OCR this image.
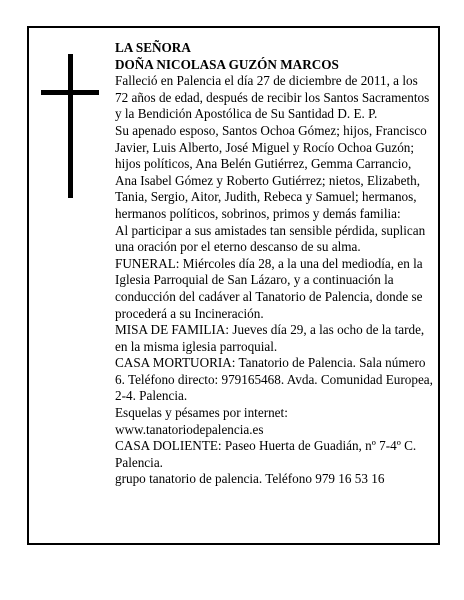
LA SEÑORA

DOÑA NICOLASA GUZÓN MARCOS

Falleció en Palencia el día 27 de diciembre de 2011, a los 72 años de edad, después de recibir los Santos Sacramentos y la Bendición Apostólica de Su Santidad D. E. P.

Su apenado esposo, Santos Ochoa Gómez; hijos, Francisco Javier, Luis Alberto, José Miguel y Rocío Ochoa Guzón; hijos políticos, Ana Belén Gutiérrez, Gemma Carrancio, Ana Isabel Gómez y Roberto Gutiérrez; nietos, Elizabeth, Tania, Sergio, Aitor, Judith, Rebeca y Samuel; hermanos, hermanos políticos, sobrinos, primos y demás familia:

Al participar a sus amistades tan sensible pérdida, suplican una oración por el eterno descanso de su alma.

FUNERAL: Miércoles día 28, a la una del mediodía, en la Iglesia Parroquial de San Lázaro, y a continuación la conducción del cadáver al Tanatorio de Palencia, donde se procederá a su Incineración.

MISA DE FAMILIA: Jueves día 29, a las ocho de la tarde, en la misma iglesia parroquial.

CASA MORTUORIA: Tanatorio de Palencia. Sala número 6. Teléfono directo: 979165468. Avda. Comunidad Europea, 2-4. Palencia.

Esquelas y pésames por internet: www.tanatoriodepalencia.es

CASA DOLIENTE: Paseo Huerta de Guadián, nº 7-4º C. Palencia.

grupo tanatorio de palencia. Teléfono 979 16 53 16
